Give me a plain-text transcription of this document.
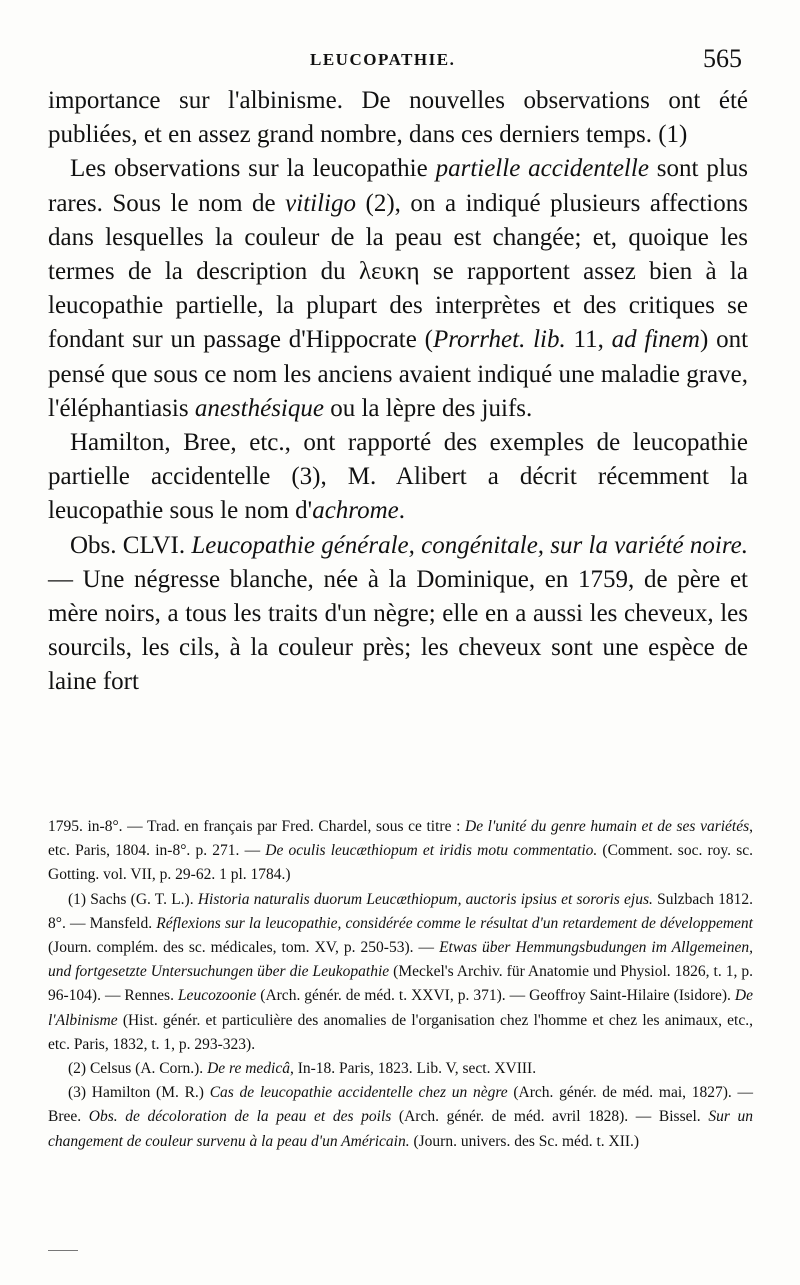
LEUCOPATHIE.	565

importance sur l'albinisme. De nouvelles observations ont été publiées, et en assez grand nombre, dans ces derniers temps. (1)

Les observations sur la leucopathie partielle accidentelle sont plus rares. Sous le nom de vitiligo (2), on a indiqué plusieurs affections dans lesquelles la couleur de la peau est changée; et, quoique les termes de la description du λευκη se rapportent assez bien à la leucopathie partielle, la plupart des interprètes et des critiques se fondant sur un passage d'Hippocrate (Prorrhet. lib. 11, ad finem) ont pensé que sous ce nom les anciens avaient indiqué une maladie grave, l'éléphantiasis anesthésique ou la lèpre des juifs.

Hamilton, Bree, etc., ont rapporté des exemples de leucopathie partielle accidentelle (3), M. Alibert a décrit récemment la leucopathie sous le nom d'achrome.

Obs. CLVI. Leucopathie générale, congénitale, sur la variété noire. — Une négresse blanche, née à la Dominique, en 1759, de père et mère noirs, a tous les traits d'un nègre; elle en a aussi les cheveux, les sourcils, les cils, à la couleur près; les cheveux sont une espèce de laine fort

1795. in-8°. — Trad. en français par Fred. Chardel, sous ce titre : De l'unité du genre humain et de ses variétés, etc. Paris, 1804. in-8°. p. 271. — De oculis leucæthiopum et iridis motu commentatio. (Comment. soc. roy. sc. Gotting. vol. VII, p. 29-62. 1 pl. 1784.)

(1) Sachs (G. T. L.). Historia naturalis duorum Leucæthiopum, auctoris ipsius et sororis ejus. Sulzbach 1812. 8°. — Mansfeld. Réflexions sur la leucopathie, considérée comme le résultat d'un retardement de développement (Journ. complém. des sc. médicales, tom. XV, p. 250-53). — Etwas über Hemmungsbudungen im Allgemeinen, und fortgesetzte Untersuchungen über die Leukopathie (Meckel's Archiv. für Anatomie und Physiol. 1826, t. 1, p. 96-104). — Rennes. Leucozoonie (Arch. génér. de méd. t. XXVI, p. 371). — Geoffroy Saint-Hilaire (Isidore). De l'Albinisme (Hist. génér. et particulière des anomalies de l'organisation chez l'homme et chez les animaux, etc., etc. Paris, 1832, t. 1, p. 293-323).

(2) Celsus (A. Corn.). De re medicâ, In-18. Paris, 1823. Lib. V, sect. XVIII.

(3) Hamilton (M. R.) Cas de leucopathie accidentelle chez un nègre (Arch. génér. de méd. mai, 1827). — Bree. Obs. de décoloration de la peau et des poils (Arch. génér. de méd. avril 1828). — Bissel. Sur un changement de couleur survenu à la peau d'un Américain. (Journ. univers. des Sc. méd. t. XII.)
